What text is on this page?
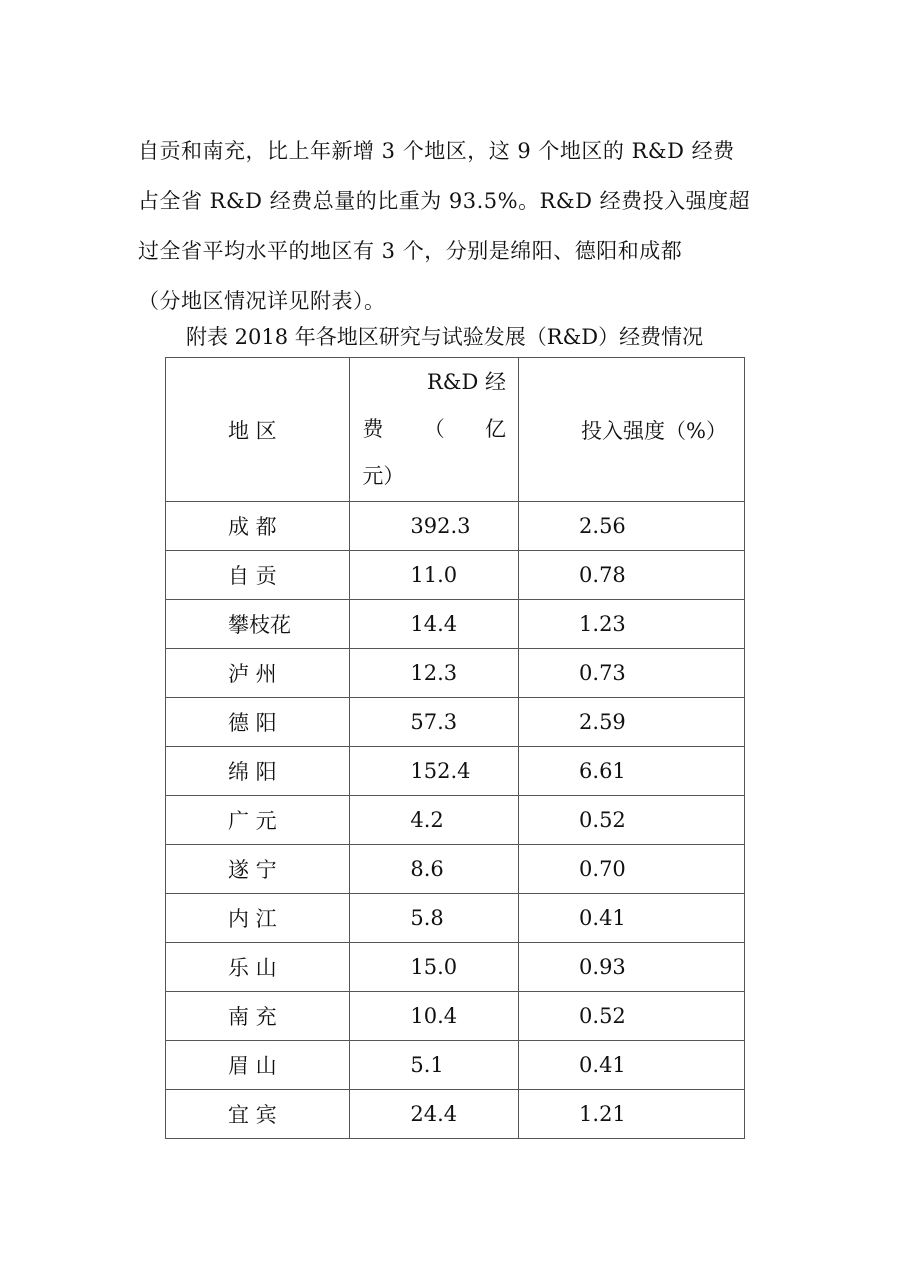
自贡和南充，比上年新增 3 个地区，这 9 个地区的 R&D 经费
占全省 R&D 经费总量的比重为 93.5%。R&D 经费投入强度超
过全省平均水平的地区有 3 个，分别是绵阳、德阳和成都
（分地区情况详见附表）。
附表 2018 年各地区研究与试验发展（R&D）经费情况
地 区	R&D 经
费 （ 亿
元）	投入强度（%）
成 都	392.3	2.56
自 贡	11.0	0.78
攀枝花	14.4	1.23
泸 州	12.3	0.73
德 阳	57.3	2.59
绵 阳	152.4	6.61
广 元	4.2	0.52
遂 宁	8.6	0.70
内 江	5.8	0.41
乐 山	15.0	0.93
南 充	10.4	0.52
眉 山	5.1	0.41
宜 宾	24.4	1.21
